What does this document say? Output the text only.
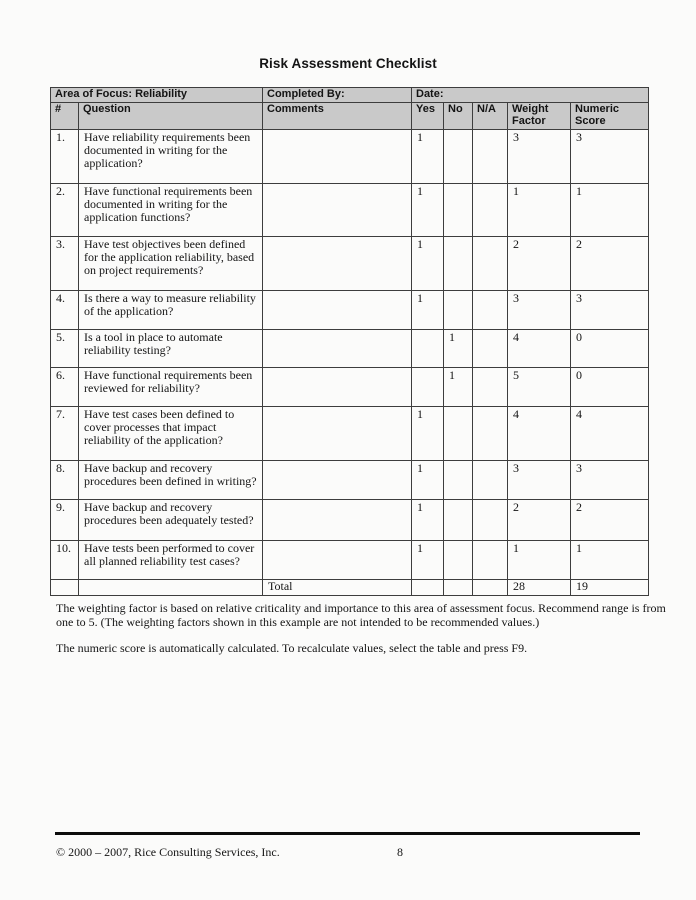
Risk Assessment Checklist
Area of Focus: Reliability		Completed By:	Date:				
#	Question	Comments	Yes	No	N/A	Weight Factor	Numeric Score
1.	Have reliability requirements been documented in writing for the application?		1			3	3
2.	Have functional requirements been documented in writing for the application functions?		1			1	1
3.	Have test objectives been defined for the application reliability, based on project requirements?		1			2	2
4.	Is there a way to measure reliability of the application?		1			3	3
5.	Is a tool in place to automate reliability testing?			1		4	0
6.	Have functional requirements been reviewed for reliability?			1		5	0
7.	Have test cases been defined to cover processes that impact reliability of the application?		1			4	4
8.	Have backup and recovery procedures been defined in writing?		1			3	3
9.	Have backup and recovery procedures been adequately tested?		1			2	2
10.	Have tests been performed to cover all planned reliability test cases?		1			1	1
		Total				28	19
The weighting factor is based on relative criticality and importance to this area of assessment focus. Recommend range is from
one to 5. (The weighting factors shown in this example are not intended to be recommended values.)
The numeric score is automatically calculated. To recalculate values, select the table and press F9.
© 2000 – 2007, Rice Consulting Services, Inc.	8
